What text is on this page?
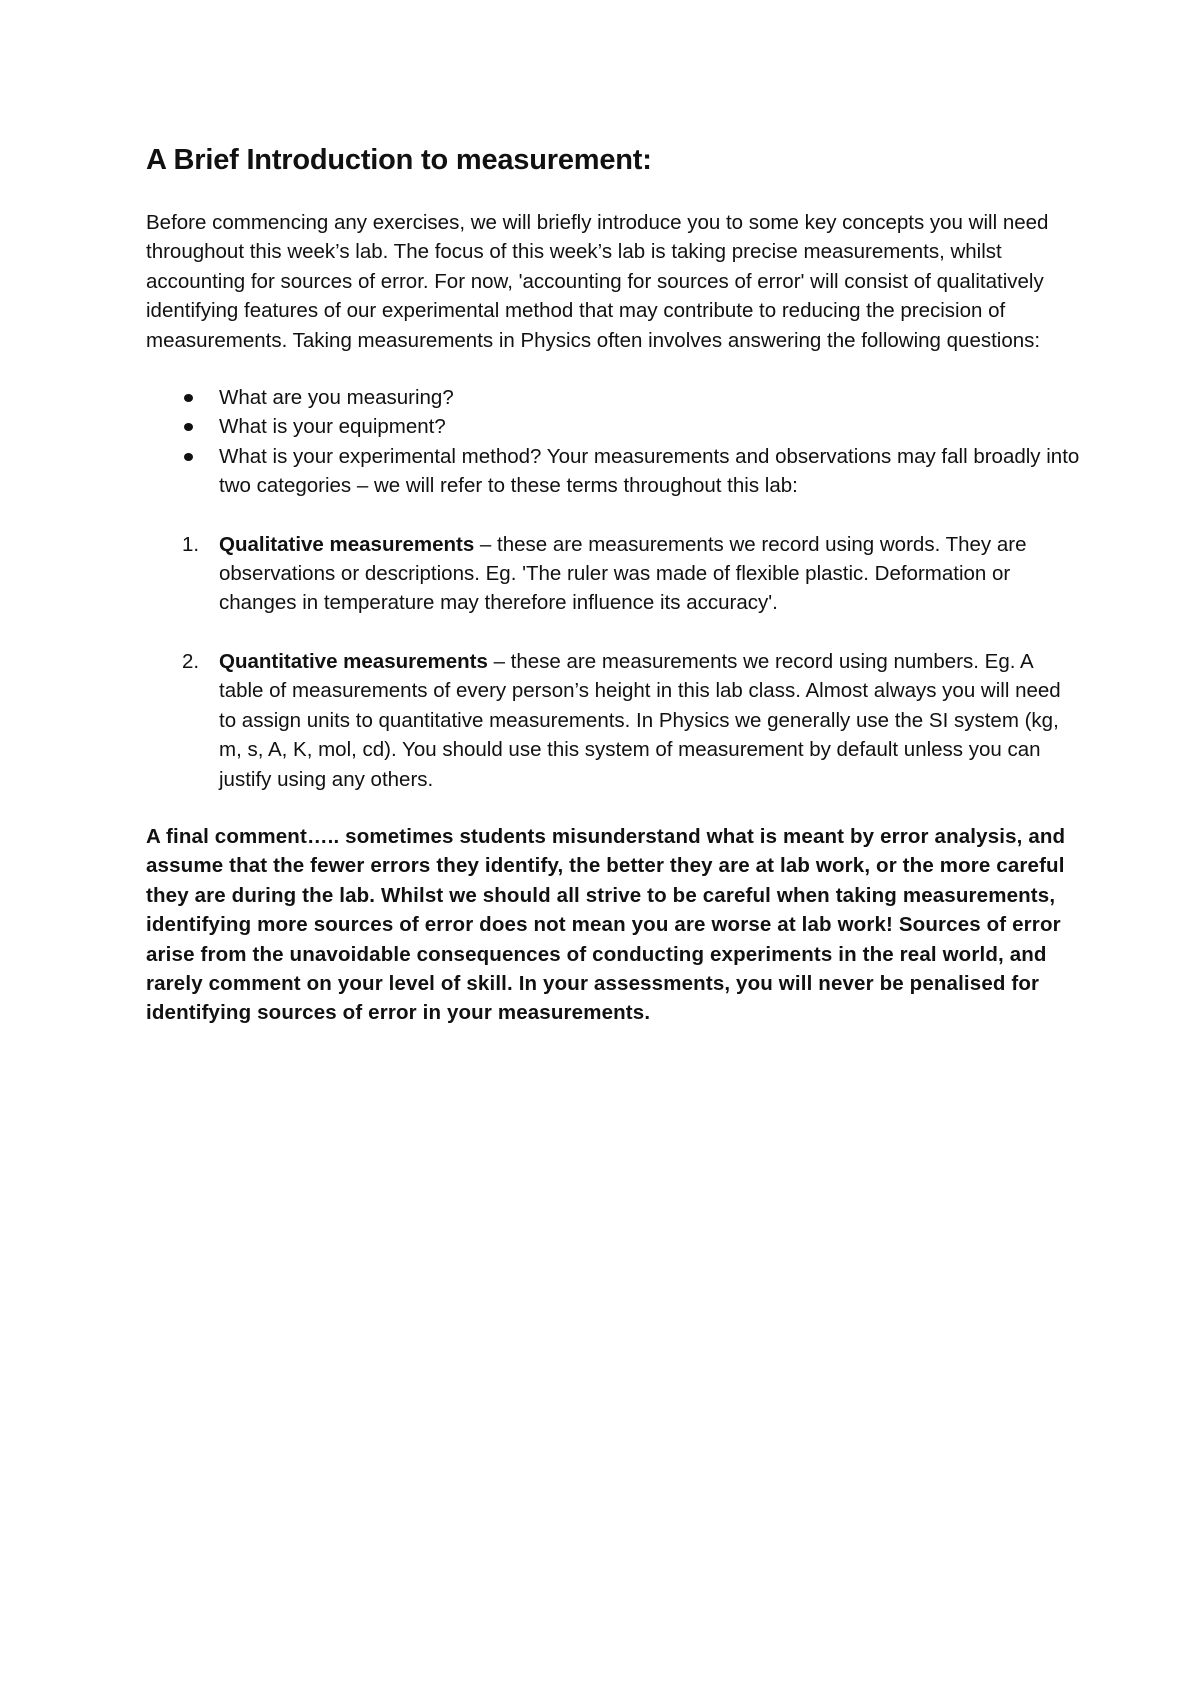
A Brief Introduction to measurement:

Before commencing any exercises, we will briefly introduce you to some key concepts you will need throughout this week’s lab. The focus of this week’s lab is taking precise measurements, whilst accounting for sources of error. For now, 'accounting for sources of error' will consist of qualitatively identifying features of our experimental method that may contribute to reducing the precision of measurements. Taking measurements in Physics often involves answering the following questions:

What are you measuring?
What is your equipment?
What is your experimental method? Your measurements and observations may fall broadly into two categories – we will refer to these terms throughout this lab:
1. Qualitative measurements – these are measurements we record using words. They are observations or descriptions. Eg. 'The ruler was made of flexible plastic. Deformation or changes in temperature may therefore influence its accuracy'.
2. Quantitative measurements – these are measurements we record using numbers. Eg. A table of measurements of every person’s height in this lab class. Almost always you will need to assign units to quantitative measurements. In Physics we generally use the SI system (kg, m, s, A, K, mol, cd). You should use this system of measurement by default unless you can justify using any others.

A final comment….. sometimes students misunderstand what is meant by error analysis, and assume that the fewer errors they identify, the better they are at lab work, or the more careful they are during the lab. Whilst we should all strive to be careful when taking measurements, identifying more sources of error does not mean you are worse at lab work! Sources of error arise from the unavoidable consequences of conducting experiments in the real world, and rarely comment on your level of skill. In your assessments, you will never be penalised for identifying sources of error in your measurements.
